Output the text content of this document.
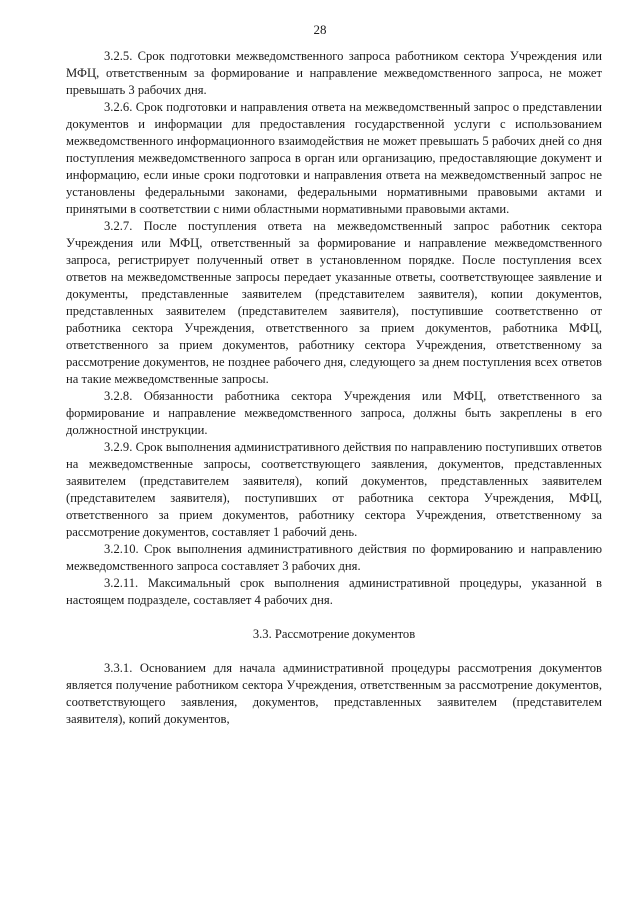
28

3.2.5. Срок подготовки межведомственного запроса работником сектора Учреждения или МФЦ, ответственным за формирование и направление межведомственного запроса, не может превышать 3 рабочих дня.

3.2.6. Срок подготовки и направления ответа на межведомственный запрос о представлении документов и информации для предоставления государственной услуги с использованием межведомственного информационного взаимодействия не может превышать 5 рабочих дней со дня поступления межведомственного запроса в орган или организацию, предоставляющие документ и информацию, если иные сроки подготовки и направления ответа на межведомственный запрос не установлены федеральными законами, федеральными нормативными правовыми актами и принятыми в соответствии с ними областными нормативными правовыми актами.

3.2.7. После поступления ответа на межведомственный запрос работник сектора Учреждения или МФЦ, ответственный за формирование и направление межведомственного запроса, регистрирует полученный ответ в установленном порядке. После поступления всех ответов на межведомственные запросы передает указанные ответы, соответствующее заявление и документы, представленные заявителем (представителем заявителя), копии документов, представленных заявителем (представителем заявителя), поступившие соответственно от работника сектора Учреждения, ответственного за прием документов, работника МФЦ, ответственного за прием документов, работнику сектора Учреждения, ответственному за рассмотрение документов, не позднее рабочего дня, следующего за днем поступления всех ответов на такие межведомственные запросы.

3.2.8. Обязанности работника сектора Учреждения или МФЦ, ответственного за формирование и направление межведомственного запроса, должны быть закреплены в его должностной инструкции.

3.2.9. Срок выполнения административного действия по направлению поступивших ответов на межведомственные запросы, соответствующего заявления, документов, представленных заявителем (представителем заявителя), копий документов, представленных заявителем (представителем заявителя), поступивших от работника сектора Учреждения, МФЦ, ответственного за прием документов, работнику сектора Учреждения, ответственному за рассмотрение документов, составляет 1 рабочий день.

3.2.10. Срок выполнения административного действия по формированию и направлению межведомственного запроса составляет 3 рабочих дня.

3.2.11. Максимальный срок выполнения административной процедуры, указанной в настоящем подразделе, составляет 4 рабочих дня.

3.3. Рассмотрение документов

3.3.1. Основанием для начала административной процедуры рассмотрения документов является получение работником сектора Учреждения, ответственным за рассмотрение документов, соответствующего заявления, документов, представленных заявителем (представителем заявителя), копий документов,
